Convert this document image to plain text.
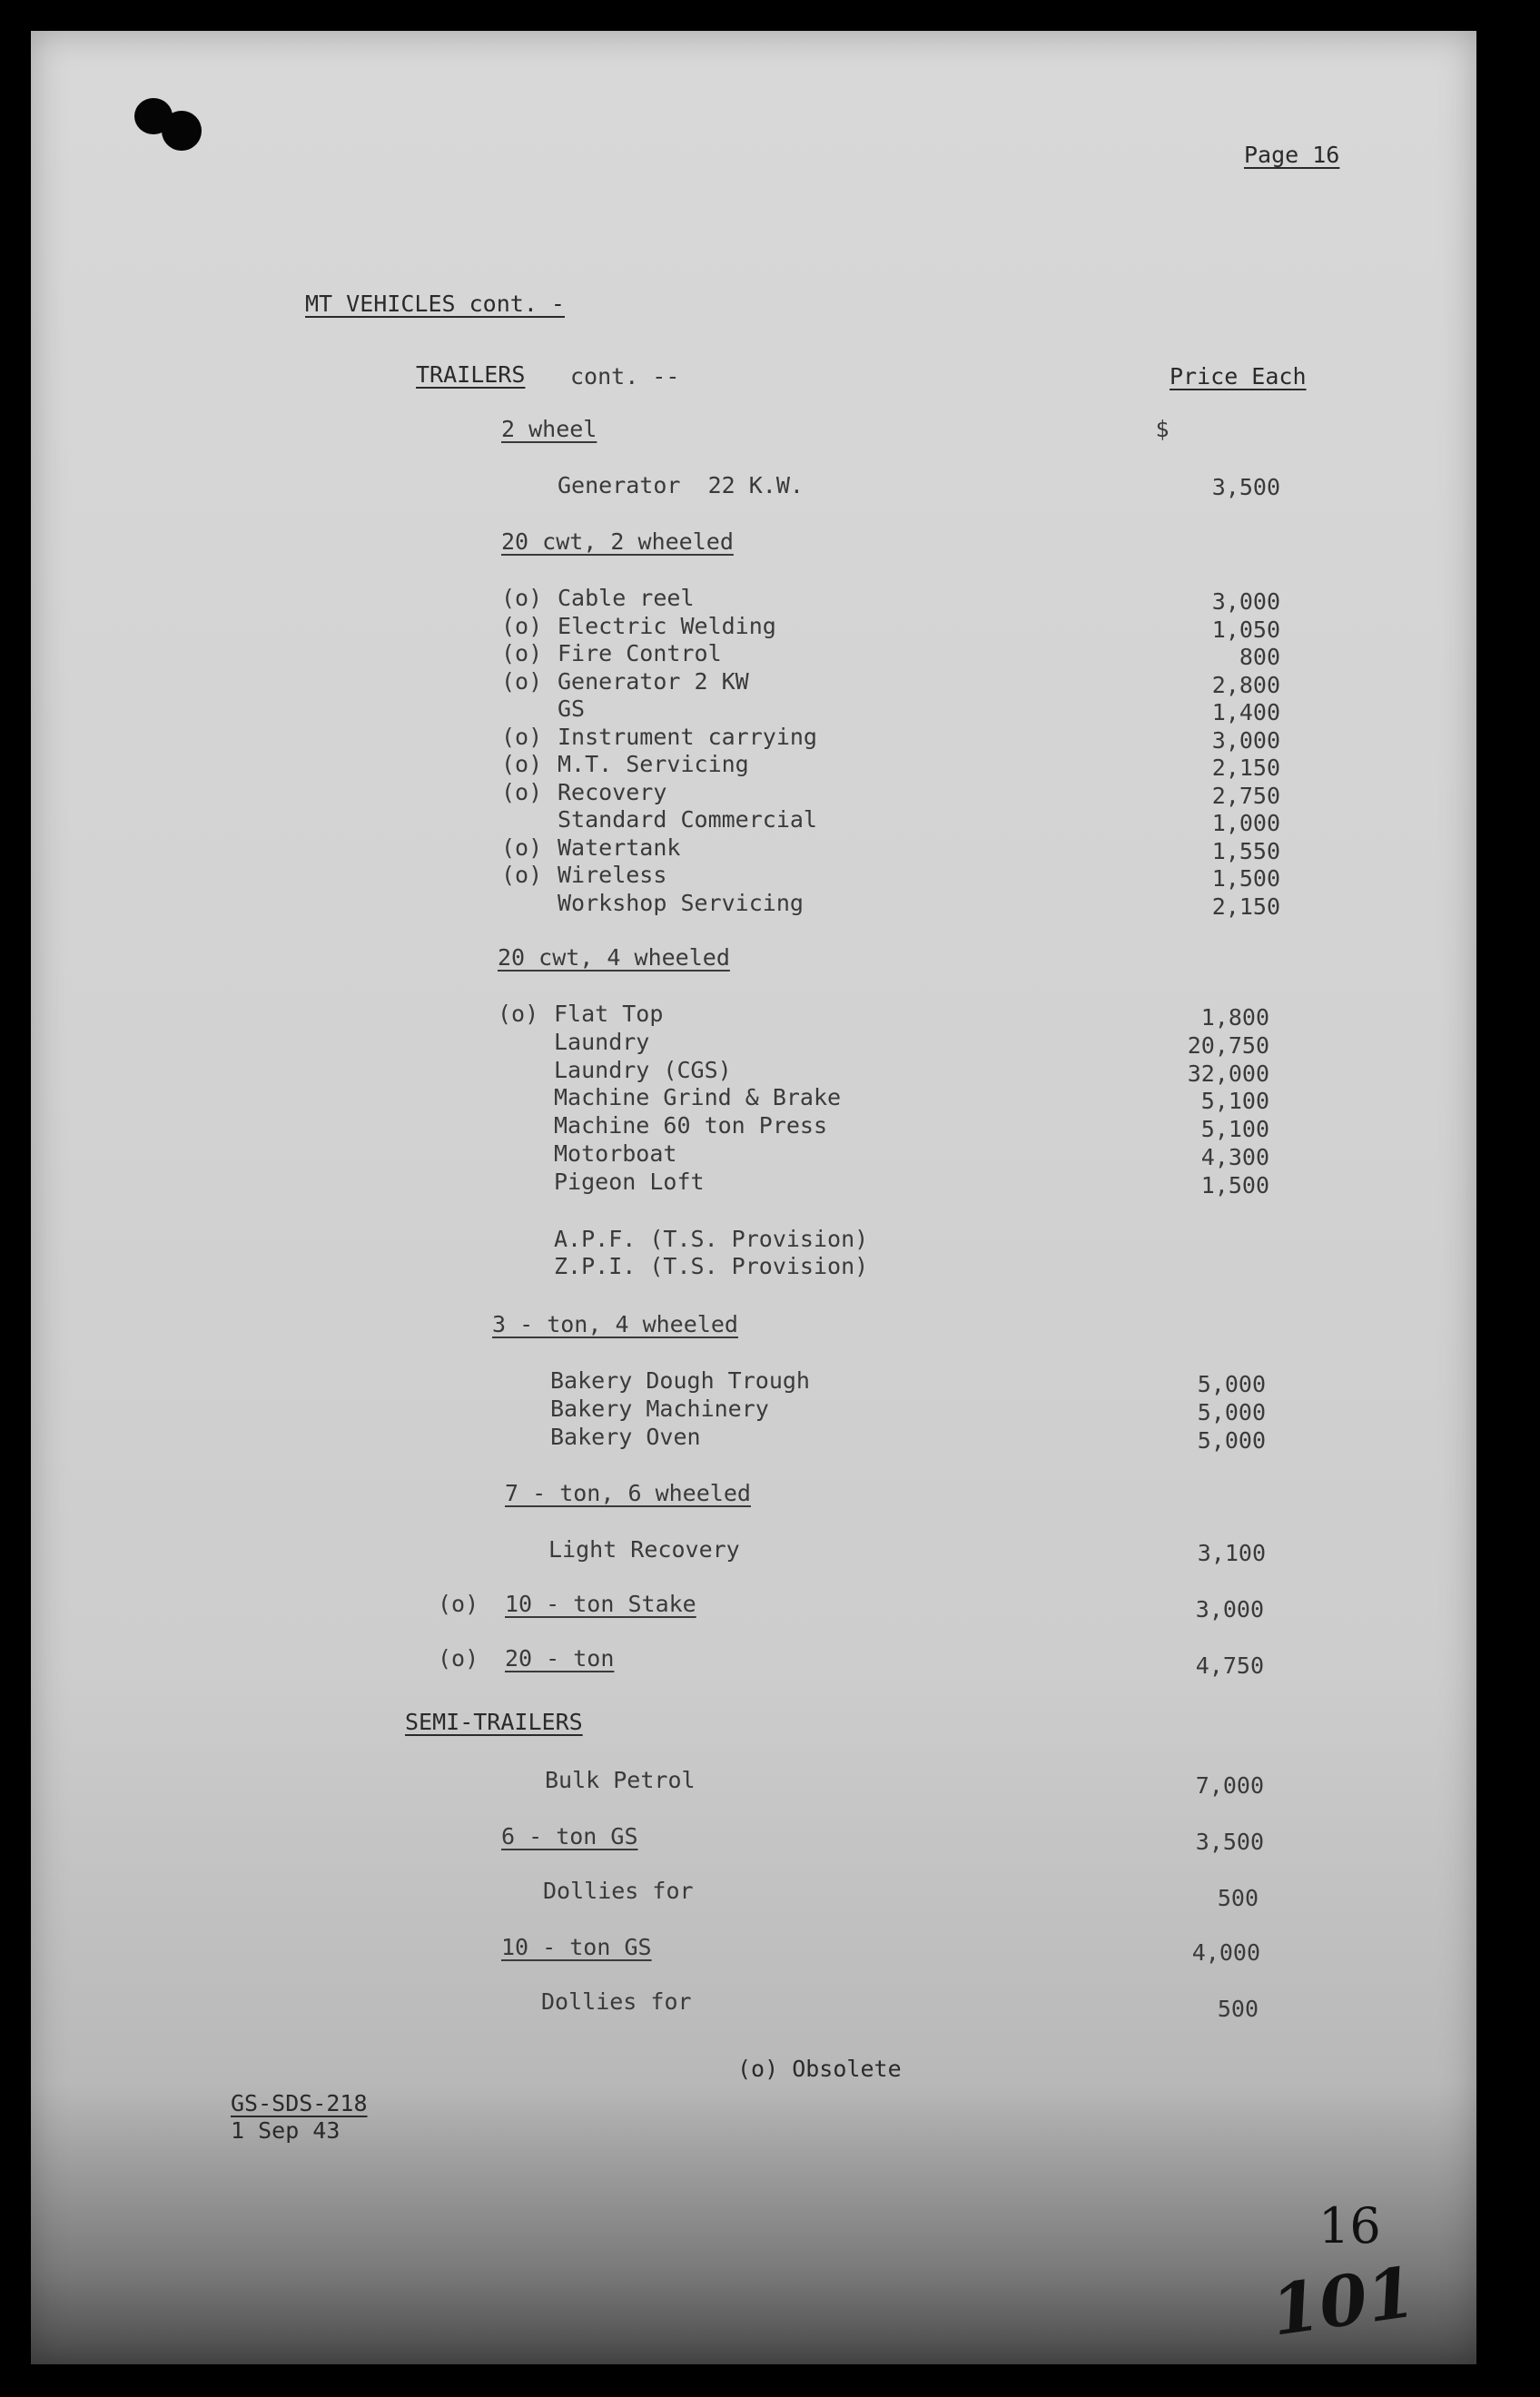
Page 16
MT VEHICLES cont. -
TRAILERS cont. --	Price Each
2 wheel	$
Generator  22 K.W.	3,500
20 cwt, 2 wheeled
(o) Cable reel	3,000
(o) Electric Welding	1,050
(o) Fire Control	800
(o) Generator 2 KW	2,800
GS	1,400
(o) Instrument carrying	3,000
(o) M.T. Servicing	2,150
(o) Recovery	2,750
Standard Commercial	1,000
(o) Watertank	1,550
(o) Wireless	1,500
Workshop Servicing	2,150
20 cwt, 4 wheeled
(o) Flat Top	1,800
Laundry	20,750
Laundry (CGS)	32,000
Machine Grind & Brake	5,100
Machine 60 ton Press	5,100
Motorboat	4,300
Pigeon Loft	1,500
A.P.F. (T.S. Provision)
Z.P.I. (T.S. Provision)
3 - ton, 4 wheeled
Bakery Dough Trough	5,000
Bakery Machinery	5,000
Bakery Oven	5,000
7 - ton, 6 wheeled
Light Recovery	3,100
(o) 10 - ton Stake	3,000
(o) 20 - ton	4,750
SEMI-TRAILERS
Bulk Petrol	7,000
6 - ton GS	3,500
Dollies for	500
10 - ton GS	4,000
Dollies for	500
(o) Obsolete
GS-SDS-218
1 Sep 43
16
101
